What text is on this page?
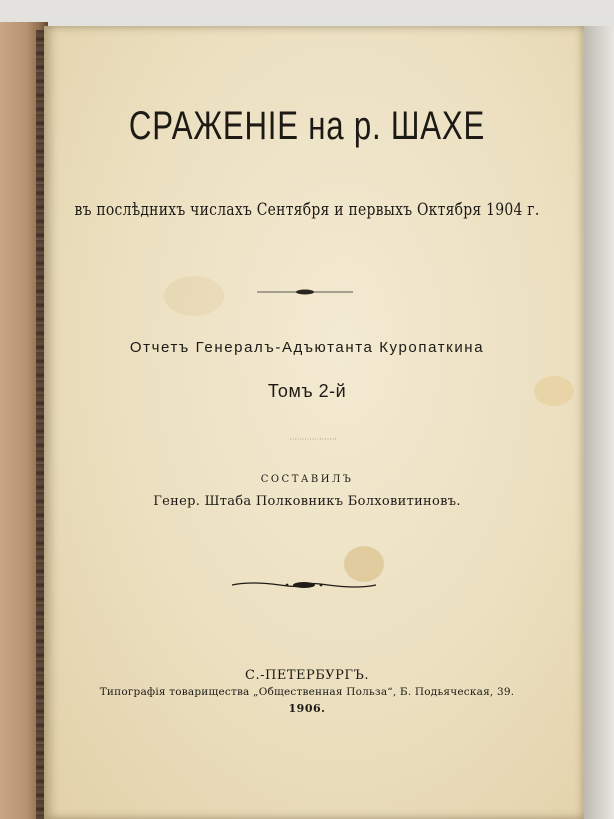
СРАЖЕНІЕ на р. ШАХЕ
въ послѣднихъ числахъ Сентября и первыхъ Октября 1904 г.
Отчетъ Генералъ-Адъютанта Куропаткина
Томъ 2-й
СОСТАВИЛЪ
Генер. Штаба Полковникъ Болховитиновъ.
С.-ПЕТЕРБУРГЪ.
Типографія товарищества „Общественная Польза“, Б. Подьяческая, 39.
1906.
